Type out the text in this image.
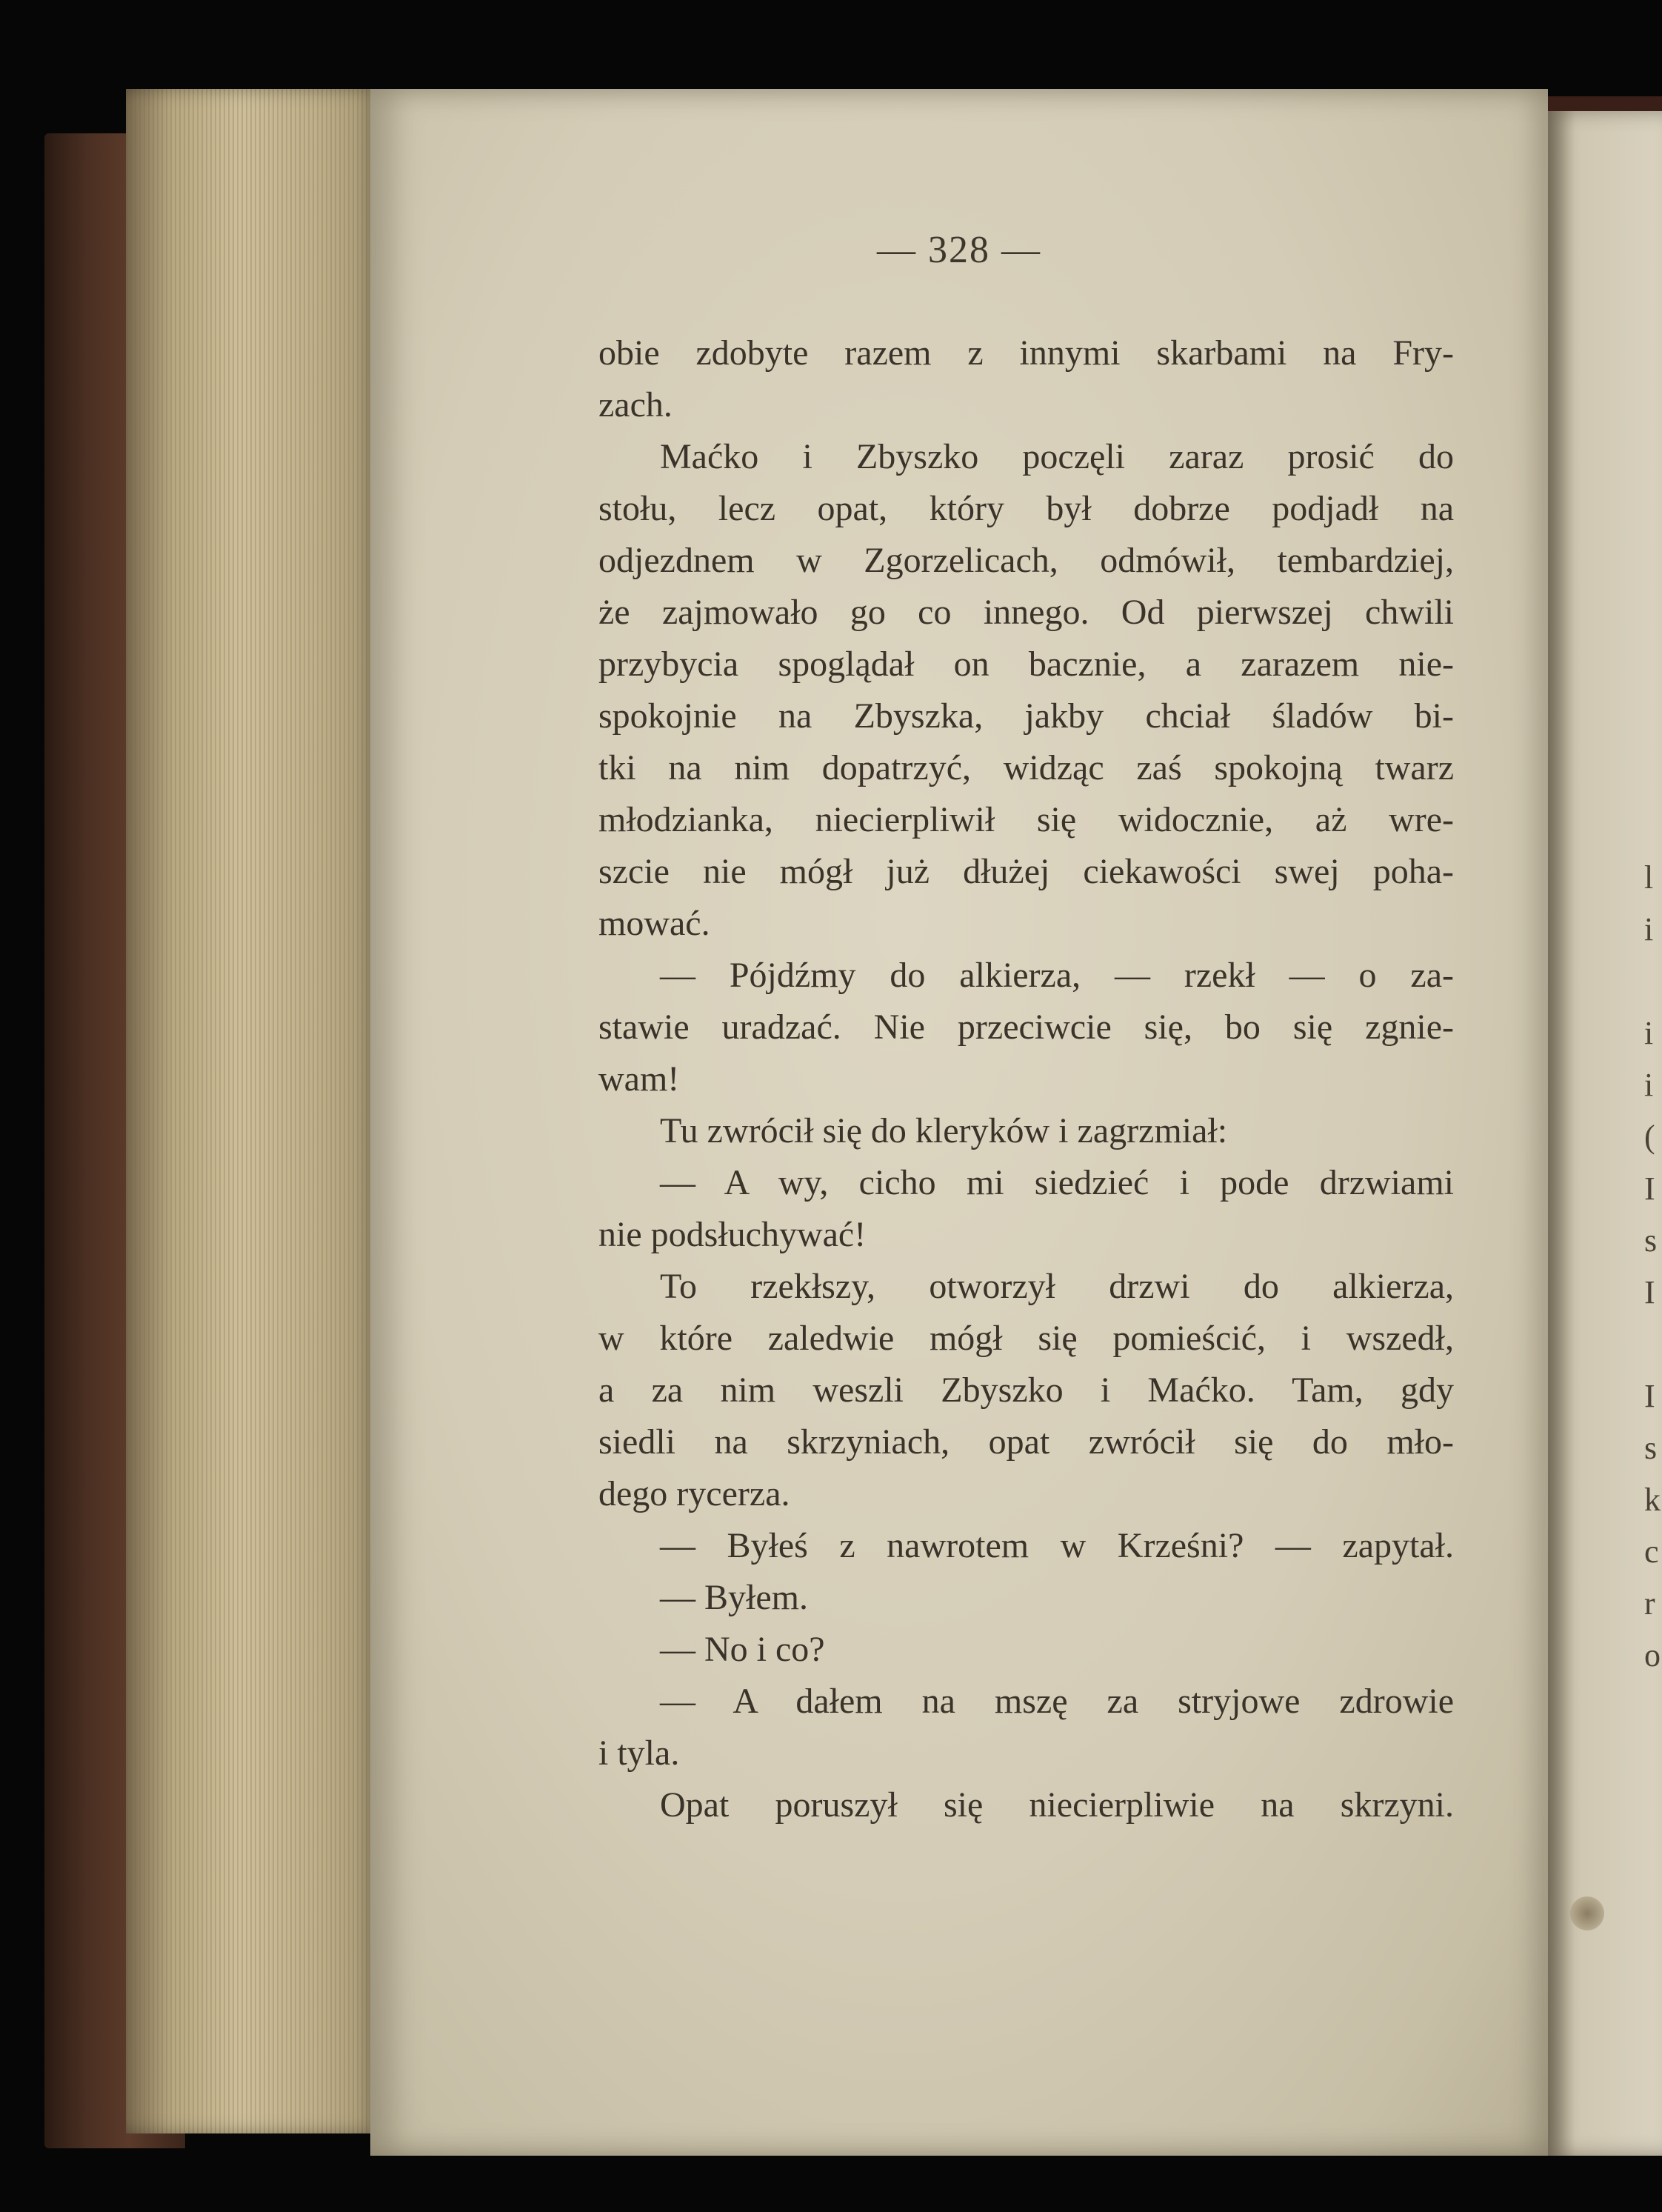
— 328 —
obie zdobyte razem z innymi skarbami na Fry-
zach.
Maćko i Zbyszko poczęli zaraz prosić do
stołu, lecz opat, który był dobrze podjadł na
odjezdnem w Zgorzelicach, odmówił, tembardziej,
że zajmowało go co innego. Od pierwszej chwili
przybycia spoglądał on bacznie, a zarazem nie-
spokojnie na Zbyszka, jakby chciał śladów bi-
tki na nim dopatrzyć, widząc zaś spokojną twarz
młodzianka, niecierpliwił się widocznie, aż wre-
szcie nie mógł już dłużej ciekawości swej poha-
mować.
— Pójdźmy do alkierza, — rzekł — o za-
stawie uradzać. Nie przeciwcie się, bo się zgnie-
wam!
Tu zwrócił się do kleryków i zagrzmiał:
— A wy, cicho mi siedzieć i pode drzwiami
nie podsłuchywać!
To rzekłszy, otworzył drzwi do alkierza,
w które zaledwie mógł się pomieścić, i wszedł,
a za nim weszli Zbyszko i Maćko. Tam, gdy
siedli na skrzyniach, opat zwrócił się do mło-
dego rycerza.
— Byłeś z nawrotem w Krześni? — zapytał.
— Byłem.
— No i co?
— A dałem na mszę za stryjowe zdrowie
i tyla.
Opat poruszył się niecierpliwie na skrzyni.
l
i
i
i
(
I
s
I
I
s
k
c
r
o
